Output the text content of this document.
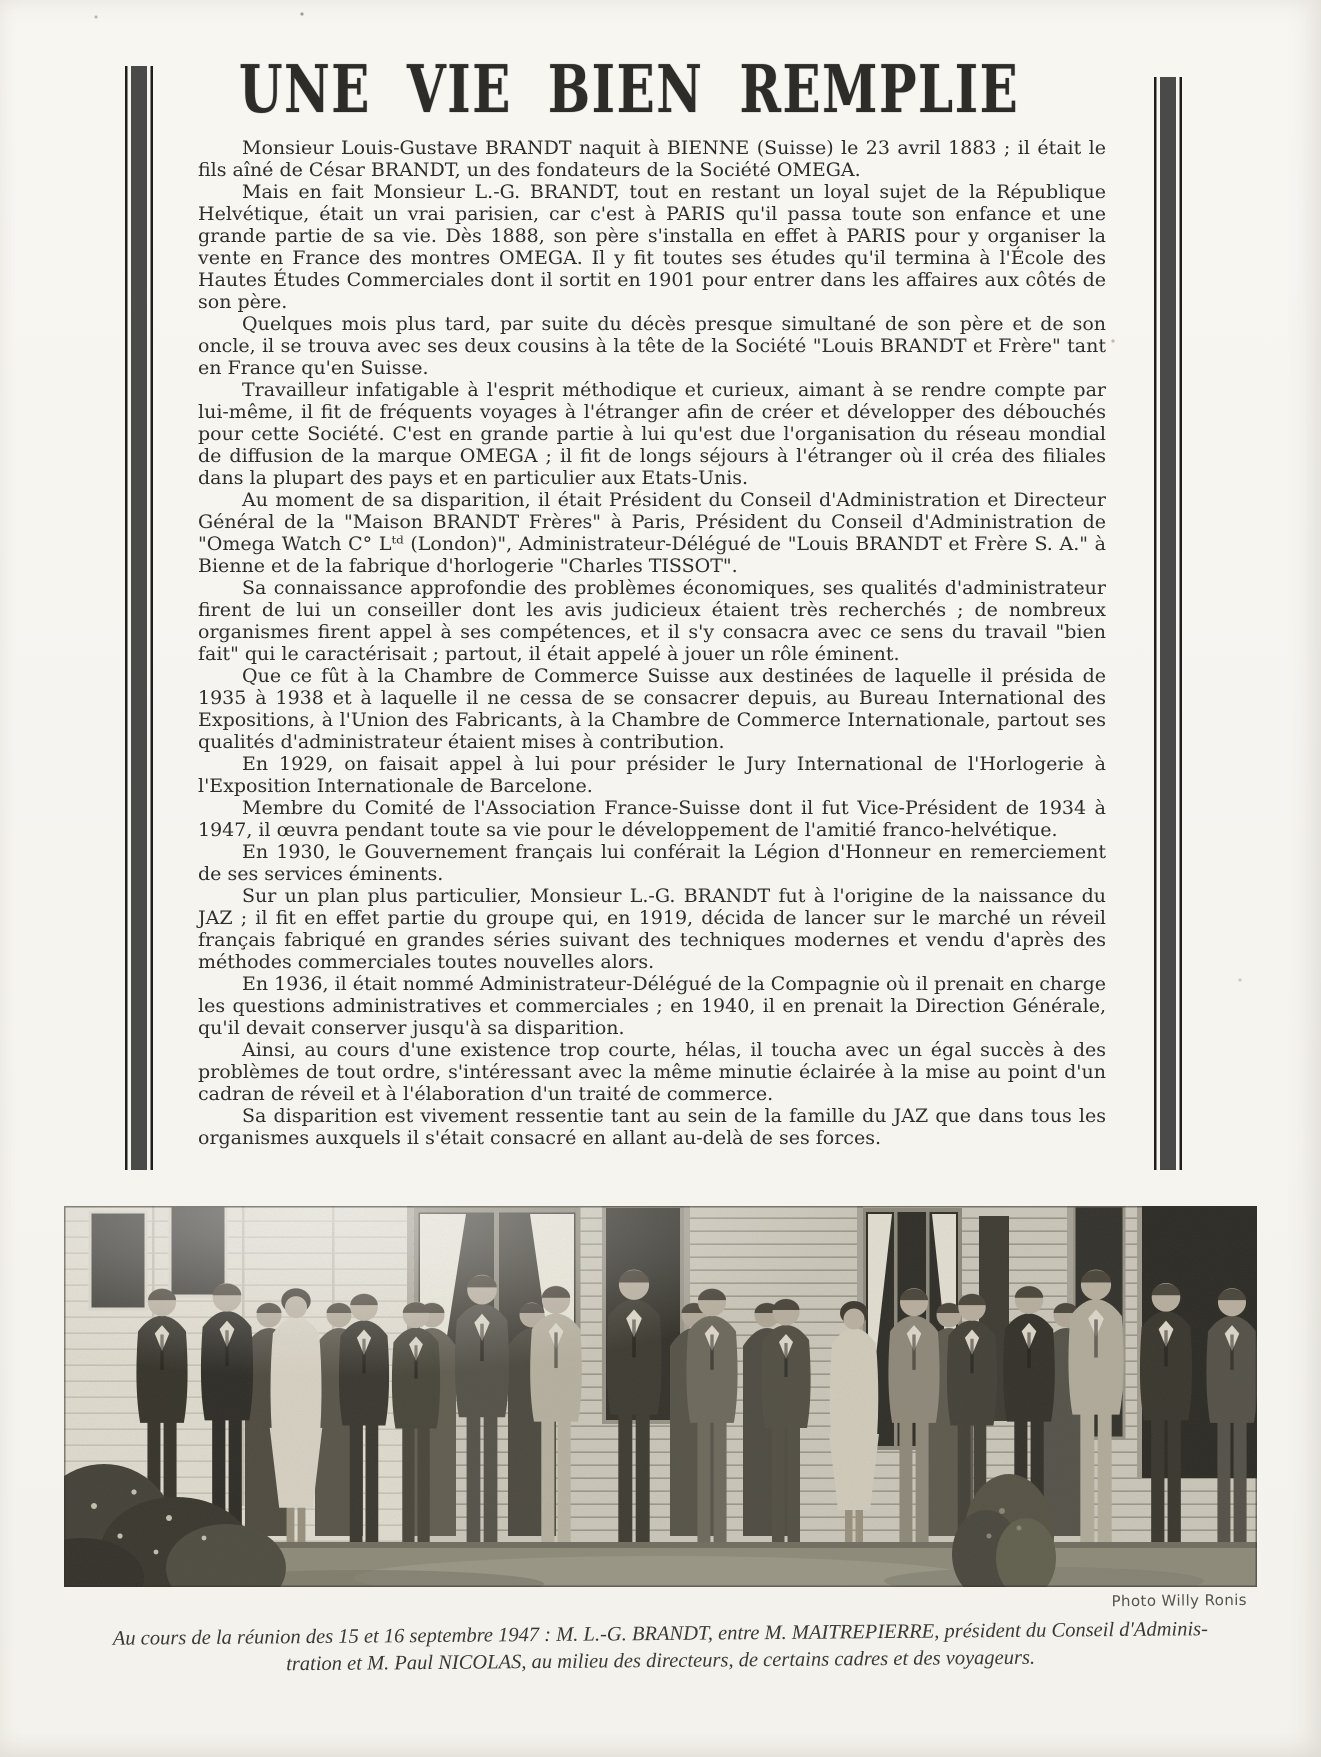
UNE VIE BIEN REMPLIE

Monsieur Louis-Gustave BRANDT naquit à BIENNE (Suisse) le 23 avril 1883 ; il était le fils aîné de César BRANDT, un des fondateurs de la Société OMEGA.

Mais en fait Monsieur L.-G. BRANDT, tout en restant un loyal sujet de la République Helvétique, était un vrai parisien, car c'est à PARIS qu'il passa toute son enfance et une grande partie de sa vie. Dès 1888, son père s'installa en effet à PARIS pour y organiser la vente en France des montres OMEGA. Il y fit toutes ses études qu'il termina à l'École des Hautes Études Commerciales dont il sortit en 1901 pour entrer dans les affaires aux côtés de son père.

Quelques mois plus tard, par suite du décès presque simultané de son père et de son oncle, il se trouva avec ses deux cousins à la tête de la Société "Louis BRANDT et Frère" tant en France qu'en Suisse.

Travailleur infatigable à l'esprit méthodique et curieux, aimant à se rendre compte par lui-même, il fit de fréquents voyages à l'étranger afin de créer et développer des débouchés pour cette Société. C'est en grande partie à lui qu'est due l'organisation du réseau mondial de diffusion de la marque OMEGA ; il fit de longs séjours à l'étranger où il créa des filiales dans la plupart des pays et en particulier aux Etats-Unis.

Au moment de sa disparition, il était Président du Conseil d'Administration et Directeur Général de la "Maison BRANDT Frères" à Paris, Président du Conseil d'Administration de "Omega Watch C° Lᵗᵈ (London)", Administrateur-Délégué de "Louis BRANDT et Frère S. A." à Bienne et de la fabrique d'horlogerie "Charles TISSOT".

Sa connaissance approfondie des problèmes économiques, ses qualités d'administrateur firent de lui un conseiller dont les avis judicieux étaient très recherchés ; de nombreux organismes firent appel à ses compétences, et il s'y consacra avec ce sens du travail "bien fait" qui le caractérisait ; partout, il était appelé à jouer un rôle éminent.

Que ce fût à la Chambre de Commerce Suisse aux destinées de laquelle il présida de 1935 à 1938 et à laquelle il ne cessa de se consacrer depuis, au Bureau International des Expositions, à l'Union des Fabricants, à la Chambre de Commerce Internationale, partout ses qualités d'administrateur étaient mises à contribution.

En 1929, on faisait appel à lui pour présider le Jury International de l'Horlogerie à l'Exposition Internationale de Barcelone.

Membre du Comité de l'Association France-Suisse dont il fut Vice-Président de 1934 à 1947, il œuvra pendant toute sa vie pour le développement de l'amitié franco-helvétique.

En 1930, le Gouvernement français lui conférait la Légion d'Honneur en remerciement de ses services éminents.

Sur un plan plus particulier, Monsieur L.-G. BRANDT fut à l'origine de la naissance du JAZ ; il fit en effet partie du groupe qui, en 1919, décida de lancer sur le marché un réveil français fabriqué en grandes séries suivant des techniques modernes et vendu d'après des méthodes commerciales toutes nouvelles alors.

En 1936, il était nommé Administrateur-Délégué de la Compagnie où il prenait en charge les questions administratives et commerciales ; en 1940, il en prenait la Direction Générale, qu'il devait conserver jusqu'à sa disparition.

Ainsi, au cours d'une existence trop courte, hélas, il toucha avec un égal succès à des problèmes de tout ordre, s'intéressant avec la même minutie éclairée à la mise au point d'un cadran de réveil et à l'élaboration d'un traité de commerce.

Sa disparition est vivement ressentie tant au sein de la famille du JAZ que dans tous les organismes auxquels il s'était consacré en allant au-delà de ses forces.

Photo Willy Ronis
Au cours de la réunion des 15 et 16 septembre 1947 : M. L.-G. BRANDT, entre M. MAITREPIERRE, président du Conseil d'Adminis-
tration et M. Paul NICOLAS, au milieu des directeurs, de certains cadres et des voyageurs.
